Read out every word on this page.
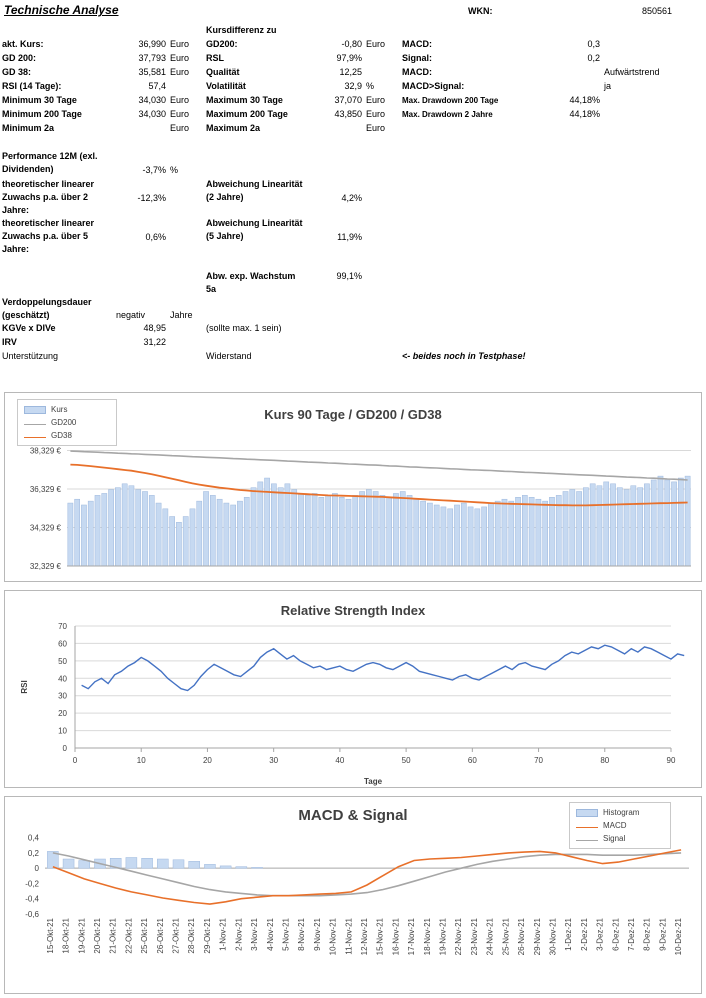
Technische Analyse	WKN:	850561
			Kursdifferenz zu					
akt. Kurs:	36,990	Euro	GD200:	-0,80	Euro	MACD:	0,3	
GD 200:	37,793	Euro	RSL	97,9%		Signal:	0,2	
GD 38:	35,581	Euro	Qualität	12,25		MACD:		Aufwärtstrend
RSI (14 Tage):	57,4		Volatilität	32,9	%	MACD>Signal:		ja
Minimum 30 Tage	34,030	Euro	Maximum 30 Tage	37,070	Euro	Max. Drawdown 200 Tage	44,18%	
Minimum 200 Tage	34,030	Euro	Maximum 200 Tage	43,850	Euro	Max. Drawdown 2 Jahre	44,18%	
Minimum 2a		Euro	Maximum 2a		Euro			

Performance 12M (exl. Dividenden)	-3,7%	%						
theoretischer linearer Zuwachs p.a. über 2 Jahre:	-12,3%		Abweichung Linearität (2 Jahre)	4,2%				
theoretischer linearer Zuwachs p.a. über 5 Jahre:	0,6%		Abweichung Linearität (5 Jahre)	11,9%				

			Abw. exp. Wachstum 5a	99,1%				
Verdoppelungsdauer (geschätzt)	negativ	Jahre						
KGVe x DIVe	48,95		(sollte max. 1 sein)					
IRV	31,22							
Unterstützung			Widerstand			<- beides noch in Testphase!		
Kurs 90 Tage / GD200 / GD38
32,329 €
34,329 €
36,329 €
38,329 €
Kurs
GD200
GD38
Relative Strength Index
0
10
20
30
40
50
60
70
0	10	20	30	40	50	60	70	80	90
Tage
RSI
MACD & Signal
0,4
0,2
0
-0,2
-0,4
-0,6
15-Okt-21 18-Okt-21 19-Okt-21 20-Okt-21 21-Okt-21 22-Okt-21 25-Okt-21 26-Okt-21 27-Okt-21 28-Okt-21 29-Okt-21 1-Nov-21 2-Nov-21 3-Nov-21 4-Nov-21 5-Nov-21 8-Nov-21 9-Nov-21 10-Nov-21 11-Nov-21 12-Nov-21 15-Nov-21 16-Nov-21 17-Nov-21 18-Nov-21 19-Nov-21 22-Nov-21 23-Nov-21 24-Nov-21 25-Nov-21 26-Nov-21 29-Nov-21 30-Nov-21 1-Dez-21 2-Dez-21 3-Dez-21 6-Dez-21 7-Dez-21 8-Dez-21 9-Dez-21 10-Dez-21
Histogram
MACD
Signal
